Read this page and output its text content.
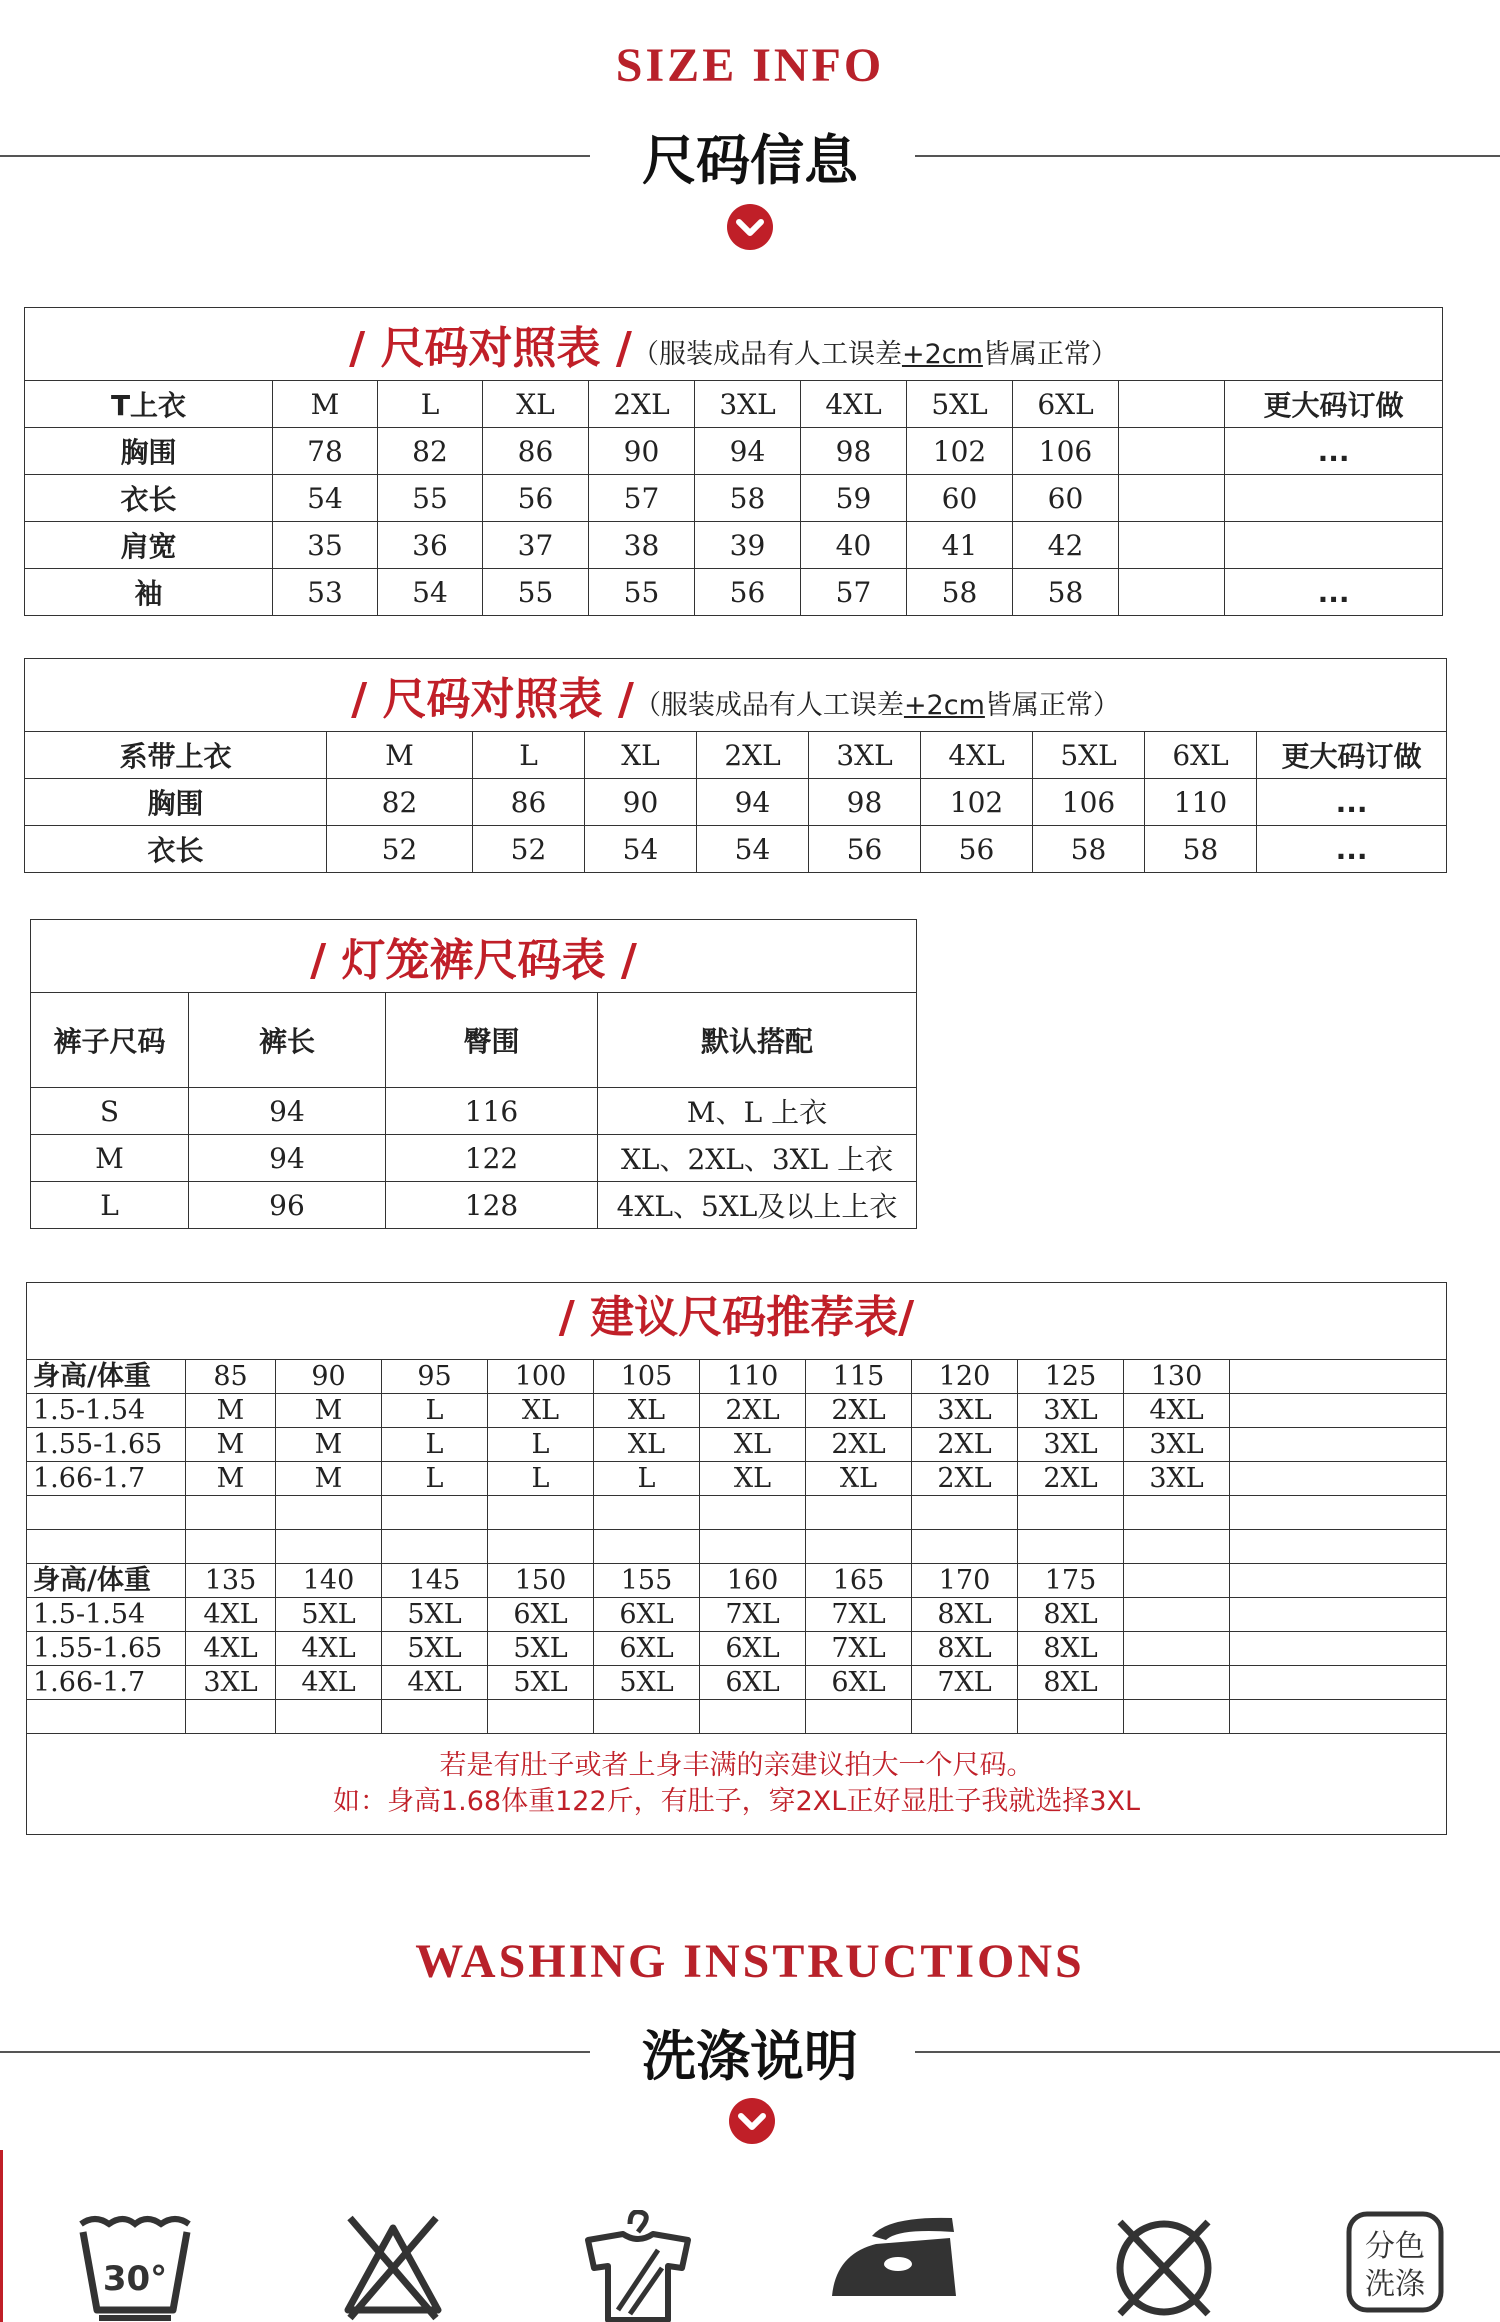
SIZE INFO
尺码信息
/ 尺码对照表 /（服装成品有人工误差+2cm皆属正常）										
T上衣	M	L	XL	2XL	3XL	4XL	5XL	6XL		更大码订做
胸围	78	82	86	90	94	98	102	106		...
衣长	54	55	56	57	58	59	60	60		
肩宽	35	36	37	38	39	40	41	42		
袖	53	54	55	55	56	57	58	58		...
/ 尺码对照表 /（服装成品有人工误差+2cm皆属正常）									
系带上衣	M	L	XL	2XL	3XL	4XL	5XL	6XL	更大码订做
胸围	82	86	90	94	98	102	106	110	...
衣长	52	52	54	54	56	56	58	58	...
/ 灯笼裤尺码表 /			
裤子尺码	裤长	臀围	默认搭配
S	94	116	M、L 上衣
M	94	122	XL、2XL、3XL 上衣
L	96	128	4XL、5XL及以上上衣
/ 建议尺码推荐表/											
身高/体重	85	90	95	100	105	110	115	120	125	130	
1.5-1.54	M	M	L	XL	XL	2XL	2XL	3XL	3XL	4XL	
1.55-1.65	M	M	L	L	XL	XL	2XL	2XL	3XL	3XL	
1.66-1.7	M	M	L	L	L	XL	XL	2XL	2XL	3XL	

身高/体重	135	140	145	150	155	160	165	170	175		
1.5-1.54	4XL	5XL	5XL	6XL	6XL	7XL	7XL	8XL	8XL		
1.55-1.65	4XL	4XL	5XL	5XL	6XL	6XL	7XL	8XL	8XL		
1.66-1.7	3XL	4XL	4XL	5XL	5XL	6XL	6XL	7XL	8XL		

若是有肚子或者上身丰满的亲建议拍大一个尺码。
如：身高1.68体重122斤，有肚子，穿2XL正好显肚子我就选择3XL											
WASHING INSTRUCTIONS
洗涤说明
30°
分色
洗涤
